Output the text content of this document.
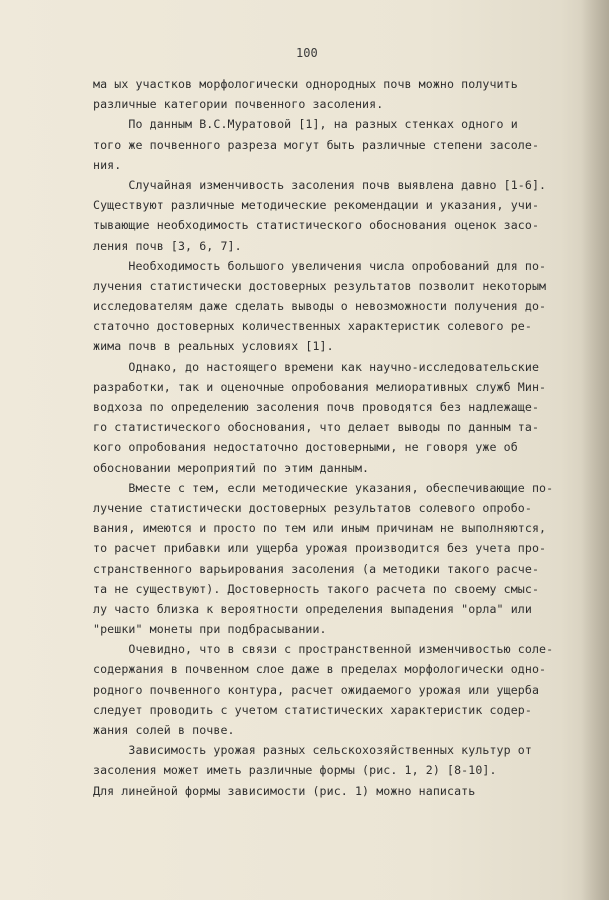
100
ма ых участков морфологически однородных почв можно получить
различные категории почвенного засоления.
По данным В.С.Муратовой [1], на разных стенках одного и
того же почвенного разреза могут быть различные степени засоле-
ния.
Случайная изменчивость засоления почв выявлена давно [1-6].
Существуют различные методические рекомендации и указания, учи-
тывающие необходимость статистического обоснования оценок засо-
ления почв [3, 6, 7].
Необходимость большого увеличения числа опробований для по-
лучения статистически достоверных результатов позволит некоторым
исследователям даже сделать выводы о невозможности получения до-
статочно достоверных количественных характеристик солевого ре-
жима почв в реальных условиях [1].
Однако, до настоящего времени как научно-исследовательские
разработки, так и оценочные опробования мелиоративных служб Мин-
водхоза по определению засоления почв проводятся без надлежаще-
го статистического обоснования, что делает выводы по данным та-
кого опробования недостаточно достоверными, не говоря уже об
обосновании мероприятий по этим данным.
Вместе с тем, если методические указания, обеспечивающие по-
лучение статистически достоверных результатов солевого опробо-
вания, имеются и просто по тем или иным причинам не выполняются,
то расчет прибавки или ущерба урожая производится без учета про-
странственного варьирования засоления (а методики такого расче-
та не существуют). Достоверность такого расчета по своему смыс-
лу часто близка к вероятности определения выпадения "орла" или
"решки" монеты при подбрасывании.
Очевидно, что в связи с пространственной изменчивостью соле-
содержания в почвенном слое даже в пределах морфологически одно-
родного почвенного контура, расчет ожидаемого урожая или ущерба
следует проводить с учетом статистических характеристик содер-
жания солей в почве.
Зависимость урожая разных сельскохозяйственных культур от
засоления может иметь различные формы (рис. 1, 2) [8-10].
Для линейной формы зависимости (рис. 1) можно написать
